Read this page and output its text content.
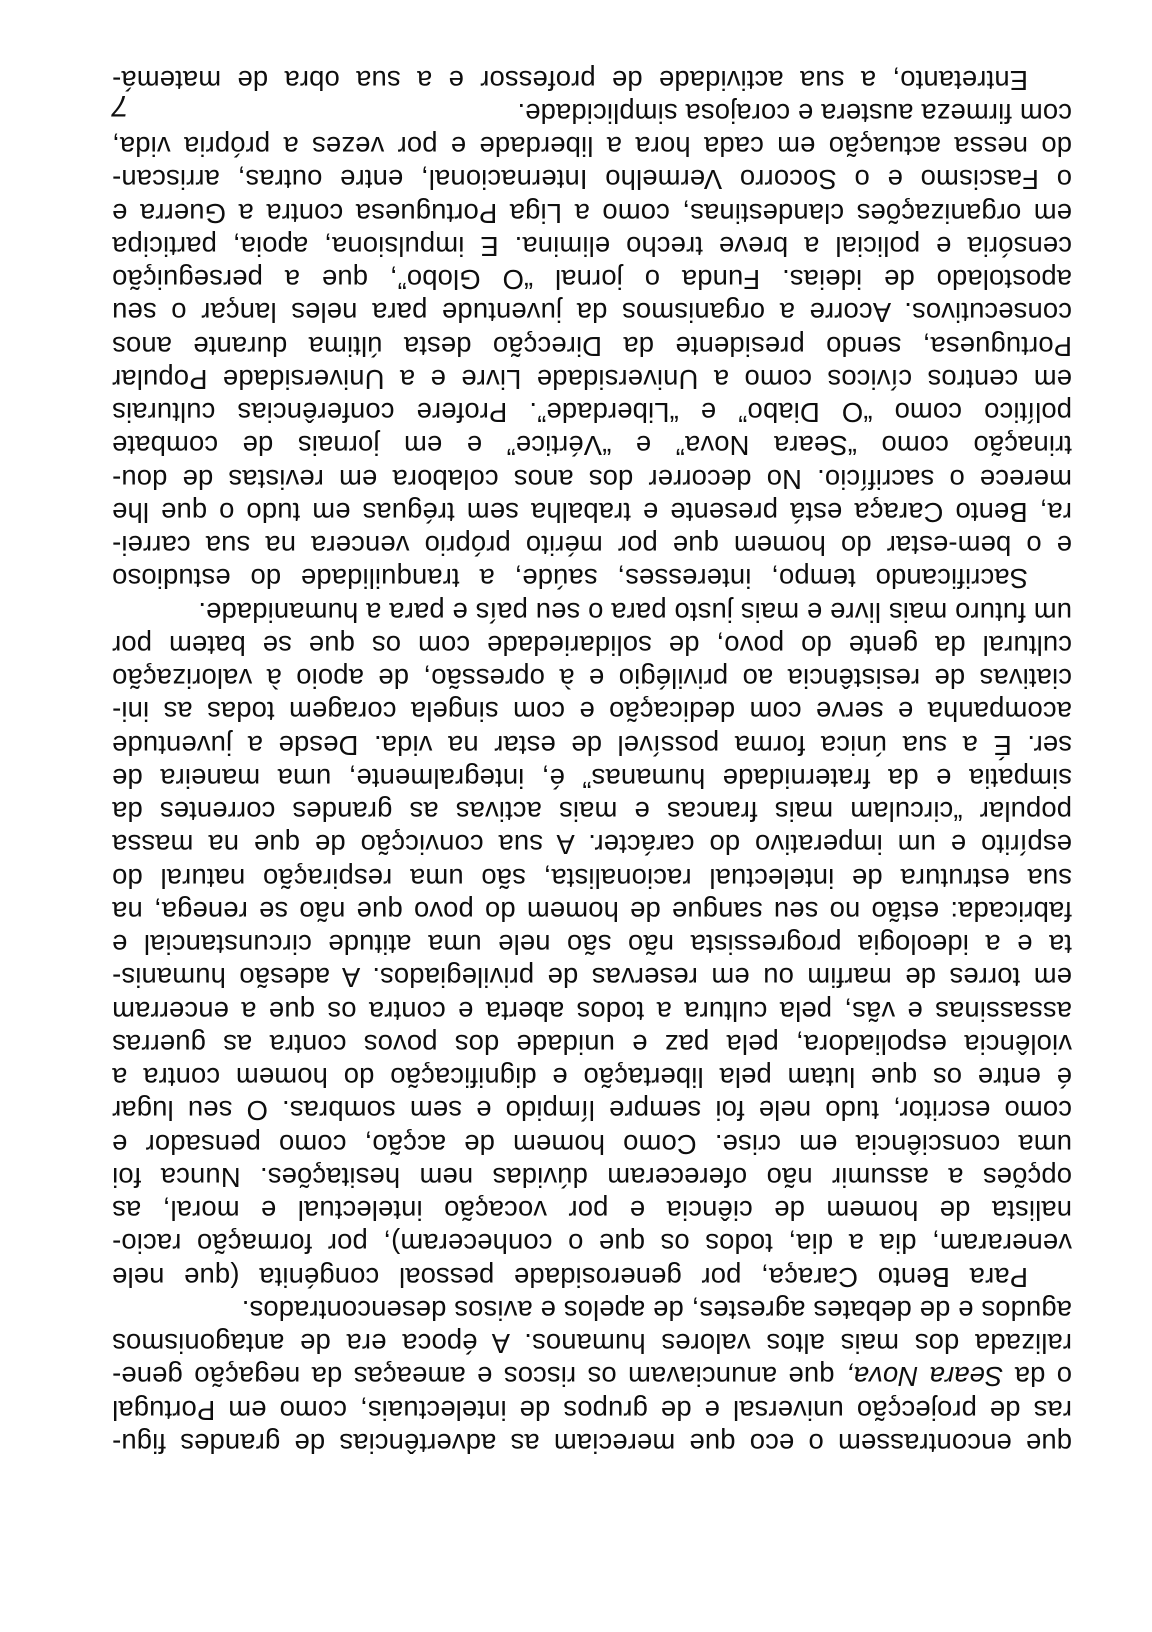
que encontrassem o eco que mereciam as advertências de grandes figu-
ras de projecção universal e de grupos de intelectuais, como em Portugal
o da Seara Nova, que anunciavam os riscos e ameaças da negação gene-
ralizada dos mais altos valores humanos. A época era de antagonismos
agudos e de debates agrestes, de apelos e avisos desencontrados.
Para Bento Caraça, por generosidade pessoal congénita (que nele
veneraram, dia a dia, todos os que o conheceram), por formação racio-
nalista de homem de ciência e por vocação intelectual e moral, as
opções a assumir não ofereceram dúvidas nem hesitações. Nunca foi
uma consciência em crise. Como homem de acção, como pensador e
como escritor, tudo nele foi sempre límpido e sem sombras. O seu lugar
é entre os que lutam pela libertação e dignificação do homem contra a
violência espoliadora, pela paz e unidade dos povos contra as guerras
assassinas e vãs, pela cultura a todos aberta e contra os que a encerram
em torres de marfim ou em reservas de privilegiados. A adesão humanis-
ta e a ideologia progressista não são nele uma atitude circunstancial e
fabricada: estão no seu sangue de homem do povo que não se renega, na
sua estrutura de intelectual racionalista, são uma respiração natural do
espírito e um imperativo do carácter. A sua convicção de que na massa
popular “circulam mais francas e mais activas as grandes correntes da
simpatia e da fraternidade humanas” é, integralmente, uma maneira de
ser. É a sua única forma possível de estar na vida. Desde a juventude
acompanha e serve com dedicação e com singela coragem todas as ini-
ciativas de resistência ao privilégio e à opressão, de apoio à valorização
cultural da gente do povo, de solidariedade com os que se batem por
um futuro mais livre e mais justo para o seu país e para a humanidade.
Sacrificando tempo, interesses, saúde, a tranquilidade do estudioso
e o bem-estar do homem que por mérito próprio vencera na sua carrei-
ra, Bento Caraça está presente e trabalha sem tréguas em tudo o que lhe
merece o sacrifício. No decorrer dos anos colabora em revistas de dou-
trinação como “Seara Nova” e “Vértice” e em jornais de combate
político como “O Diabo” e “Liberdade”. Profere conferências culturais
em centros cívicos como a Universidade Livre e a Universidade Popular
Portuguesa, sendo presidente da Direcção desta última durante anos
consecutivos. Acorre a organismos da juventude para neles lançar o seu
apostolado de ideias. Funda o jornal “O Globo”, que a perseguição
censória e policial a breve trecho elimina. E impulsiona, apoia, participa
em organizações clandestinas, como a Liga Portuguesa contra a Guerra e
o Fascismo e o Socorro Vermelho Internacional, entre outras, arriscan-
do nessa actuação em cada hora a liberdade e por vezes a própria vida,
com firmeza austera e corajosa simplicidade.
Entretanto, a sua actividade de professor e a sua obra de matemá-
7
